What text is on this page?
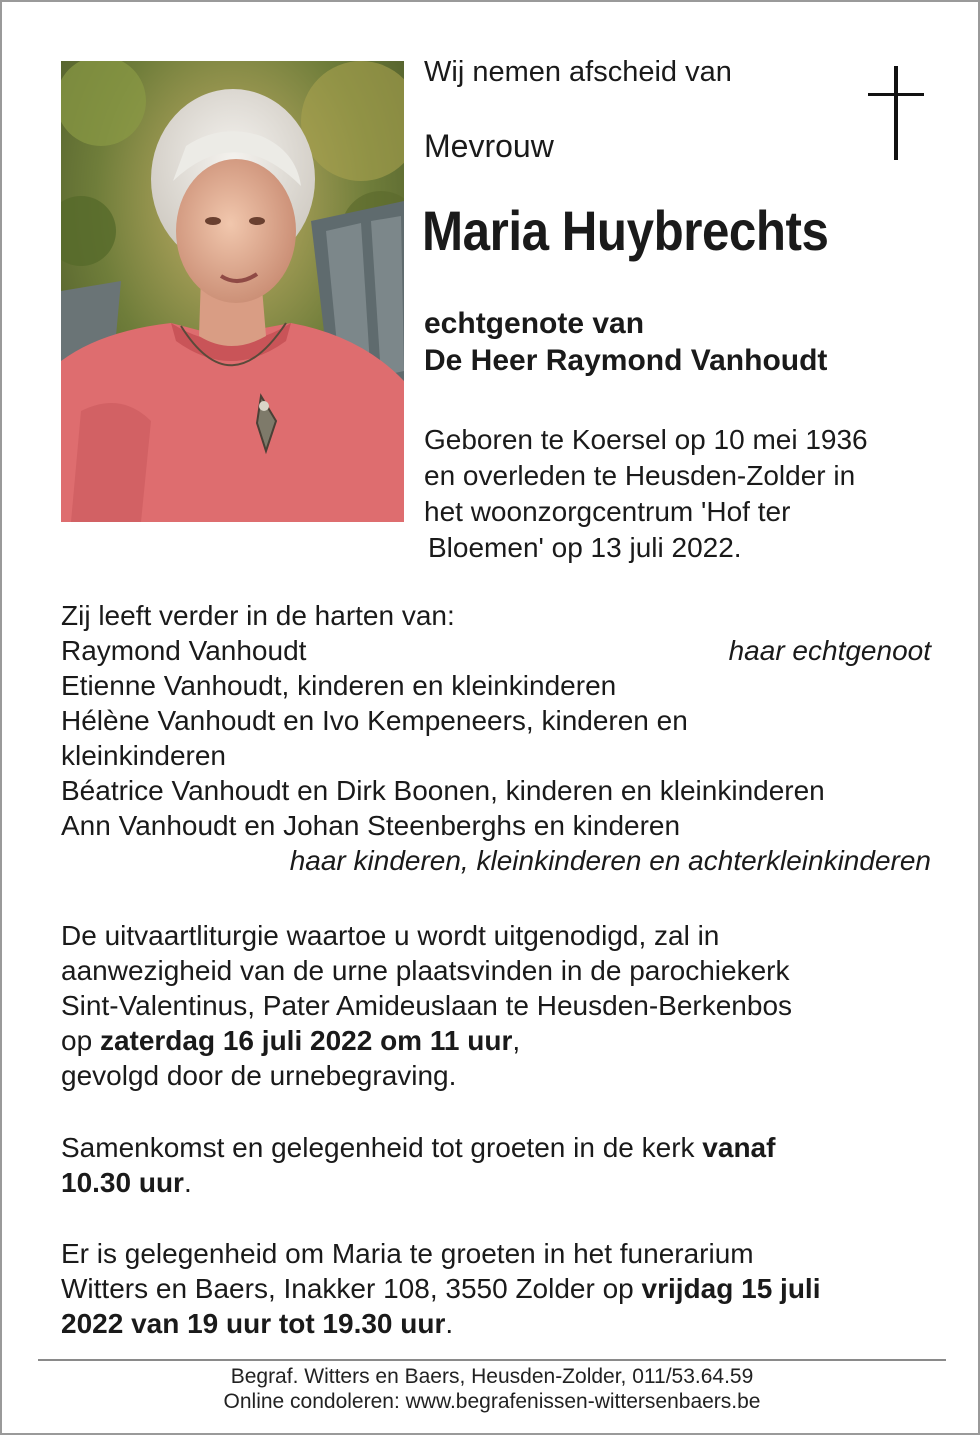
Wij nemen afscheid van
Mevrouw
Maria Huybrechts
echtgenote van
De Heer Raymond Vanhoudt
Geboren te Koersel op 10 mei 1936
en overleden te Heusden-Zolder in
het woonzorgcentrum 'Hof ter
Bloemen' op 13 juli 2022.
Zij leeft verder in de harten van:
Raymond Vanhoudt	haar echtgenoot
Etienne Vanhoudt, kinderen en kleinkinderen
Hélène Vanhoudt en Ivo Kempeneers, kinderen en
kleinkinderen
Béatrice Vanhoudt en Dirk Boonen, kinderen en kleinkinderen
Ann Vanhoudt en Johan Steenberghs en kinderen
haar kinderen, kleinkinderen en achterkleinkinderen
De uitvaartliturgie waartoe u wordt uitgenodigd, zal in
aanwezigheid van de urne plaatsvinden in de parochiekerk
Sint-Valentinus, Pater Amideuslaan te Heusden-Berkenbos
op zaterdag 16 juli 2022 om 11 uur,
gevolgd door de urnebegraving.
Samenkomst en gelegenheid tot groeten in de kerk vanaf
10.30 uur.
Er is gelegenheid om Maria te groeten in het funerarium
Witters en Baers, Inakker 108, 3550 Zolder op vrijdag 15 juli
2022 van 19 uur tot 19.30 uur.
Begraf. Witters en Baers, Heusden-Zolder, 011/53.64.59
Online condoleren: www.begrafenissen-wittersenbaers.be
